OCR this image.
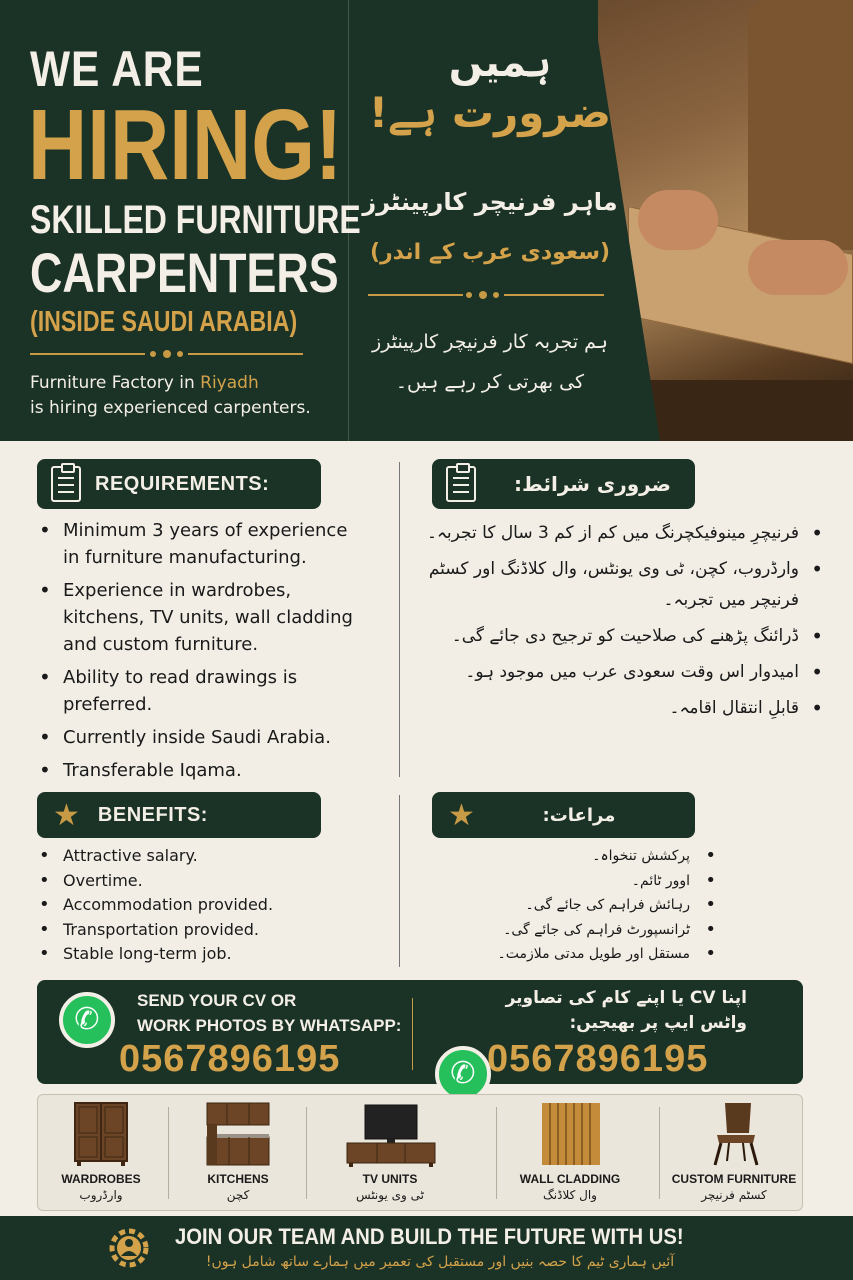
WE ARE
HIRING!
SKILLED FURNITURE
CARPENTERS
(INSIDE SAUDI ARABIA)
Furniture Factory in Riyadh
is hiring experienced carpenters.
ہمیں
ضرورت ہے!
ماہر فرنیچر کارپینٹرز
(سعودی عرب کے اندر)
ہم تجربہ کار فرنیچر کارپینٹرز
کی بھرتی کر رہے ہیں۔
REQUIREMENTS:
• Minimum 3 years of experience in furniture manufacturing.
• Experience in wardrobes, kitchens, TV units, wall cladding and custom furniture.
• Ability to read drawings is preferred.
• Currently inside Saudi Arabia.
• Transferable Iqama.
ضروری شرائط:
• فرنیچرِ مینوفیکچرنگ میں کم از کم 3 سال کا تجربہ۔
• وارڈروب، کچن، ٹی وی یونٹس، وال کلاڈنگ اور کسٹم فرنیچر میں تجربہ۔
• ڈرائنگ پڑھنے کی صلاحیت کو ترجیح دی جائے گی۔
• امیدوار اس وقت سعودی عرب میں موجود ہو۔
• قابلِ انتقال اقامہ۔
★ BENEFITS:
• Attractive salary.
• Overtime.
• Accommodation provided.
• Transportation provided.
• Stable long-term job.
★	مراعات:
• پرکشش تنخواہ۔
• اوور ٹائم۔
• رہائش فراہم کی جائے گی۔
• ٹرانسپورٹ فراہم کی جائے گی۔
• مستقل اور طویل مدتی ملازمت۔
✆
SEND YOUR CV OR
WORK PHOTOS BY WHATSAPP:
0567896195
✆
اپنا CV یا اپنے کام کی تصاویر
واٹس ایپ پر بھیجیں:
0567896195
WARDROBES
وارڈروب
KITCHENS
کچن
TV UNITS
ٹی وی یونٹس
WALL CLADDING
وال کلاڈنگ
CUSTOM FURNITURE
کسٹم فرنیچر
JOIN OUR TEAM AND BUILD THE FUTURE WITH US!
آئیں ہماری ٹیم کا حصہ بنیں اور مستقبل کی تعمیر میں ہمارے ساتھ شامل ہوں!
